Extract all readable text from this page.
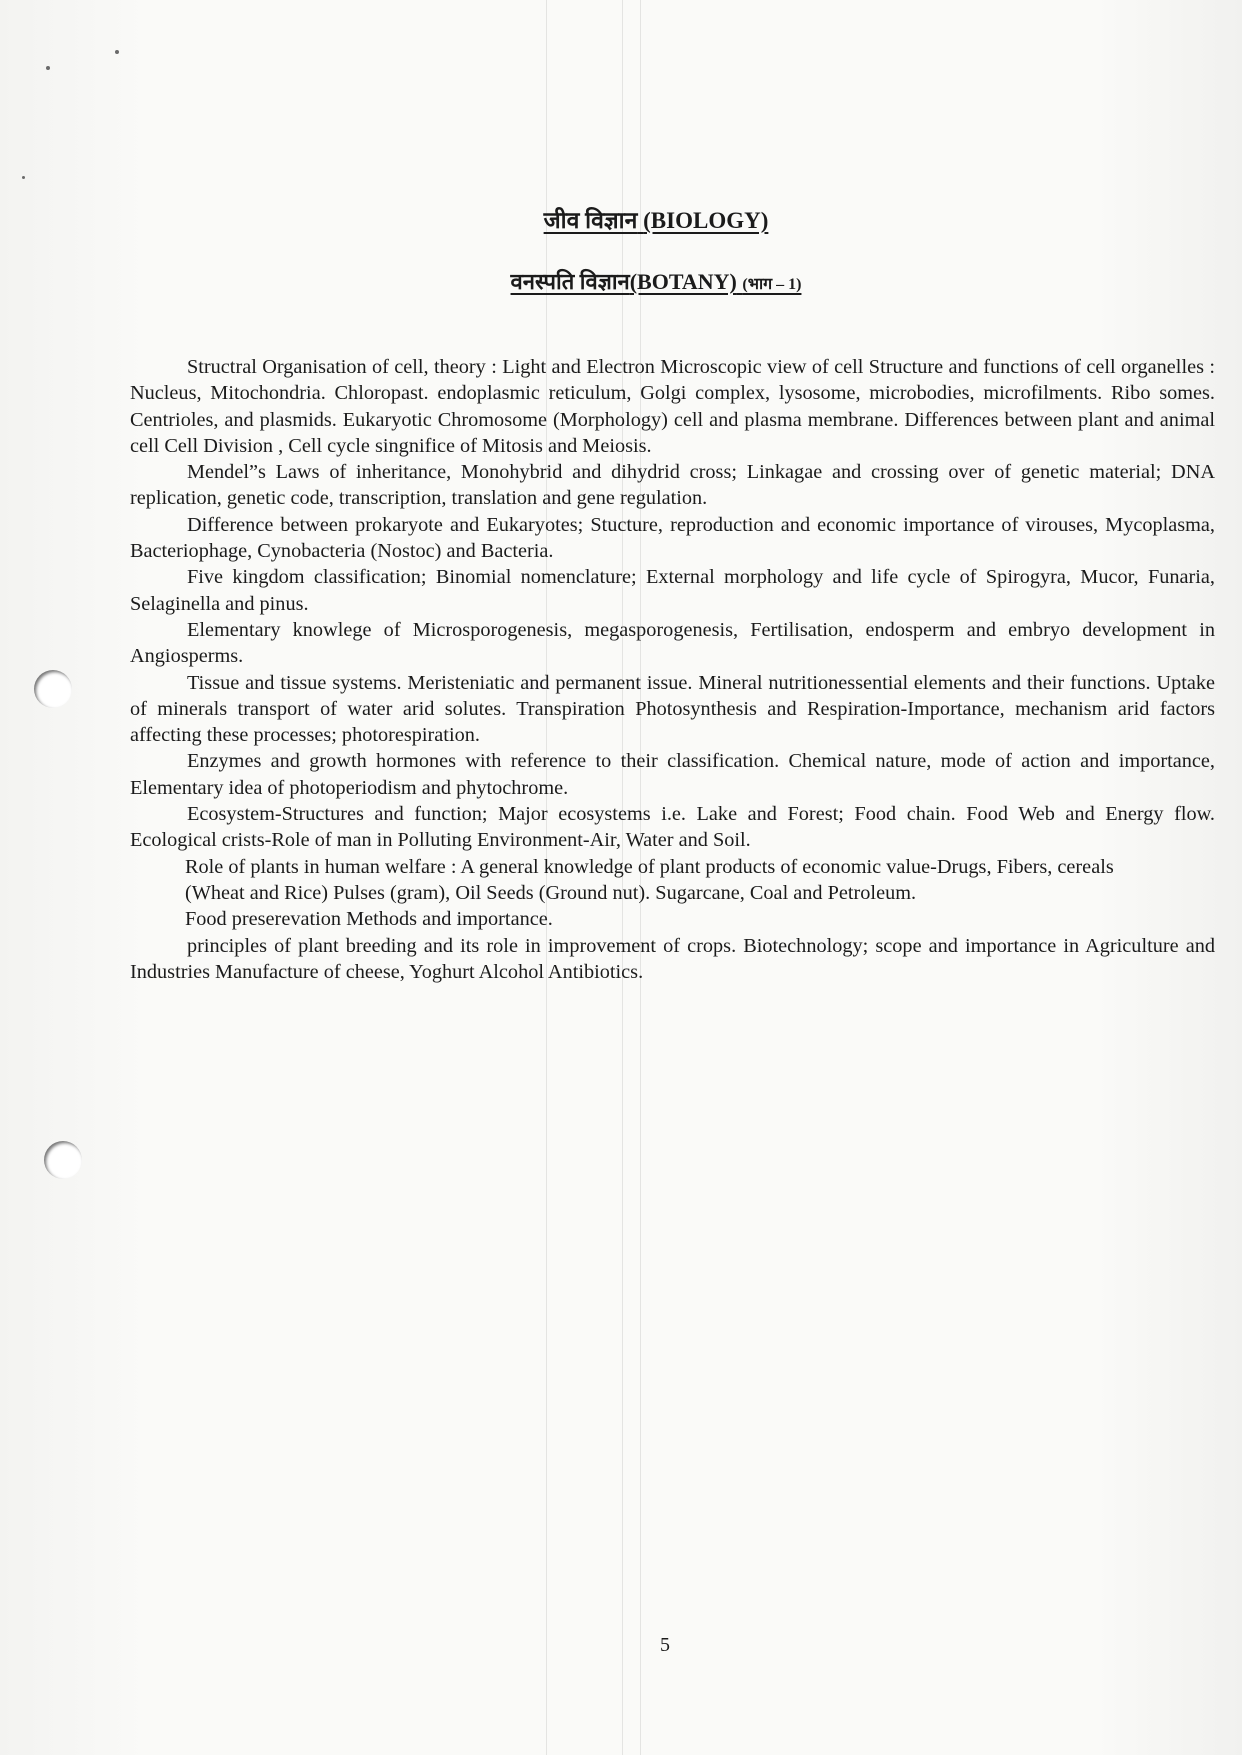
जीव विज्ञान (BIOLOGY)
वनस्पति विज्ञान(BOTANY) (भाग – 1)

Structral Organisation of cell, theory : Light and Electron Microscopic view of cell Structure and functions of cell organelles : Nucleus, Mitochondria. Chloropast. endoplasmic reticulum, Golgi complex, lysosome, microbodies, microfilments. Ribo somes. Centrioles, and plasmids. Eukaryotic Chromosome (Morphology) cell and plasma membrane. Differences between plant and animal cell Cell Division , Cell cycle singnifice of Mitosis and Meiosis.

Mendel”s Laws of inheritance, Monohybrid and dihydrid cross; Linkagae and crossing over of genetic material; DNA replication, genetic code, transcription, translation and gene regulation.

Difference between prokaryote and Eukaryotes; Stucture, reproduction and economic importance of virouses, Mycoplasma, Bacteriophage, Cynobacteria (Nostoc) and Bacteria.

Five kingdom classification; Binomial nomenclature; External morphology and life cycle of Spirogyra, Mucor, Funaria, Selaginella and pinus.

Elementary knowlege of Microsporogenesis, megasporogenesis, Fertilisation, endosperm and embryo development in Angiosperms.

Tissue and tissue systems. Meristeniatic and permanent issue. Mineral nutritionessential elements and their functions. Uptake of minerals transport of water arid solutes. Transpiration Photosynthesis and Respiration-Importance, mechanism arid factors affecting these processes; photorespiration.

Enzymes and growth hormones with reference to their classification. Chemical nature, mode of action and importance, Elementary idea of photoperiodism and phytochrome.

Ecosystem-Structures and function; Major ecosystems i.e. Lake and Forest; Food chain. Food Web and Energy flow. Ecological crists-Role of man in Polluting Environment-Air, Water and Soil.

Role of plants in human welfare : A general knowledge of plant products of economic value-Drugs, Fibers, cereals

(Wheat and Rice) Pulses (gram), Oil Seeds (Ground nut). Sugarcane, Coal and Petroleum.

Food preserevation Methods and importance.

principles of plant breeding and its role in improvement of crops. Biotechnology; scope and importance in Agriculture and Industries Manufacture of cheese, Yoghurt Alcohol Antibiotics.

5
